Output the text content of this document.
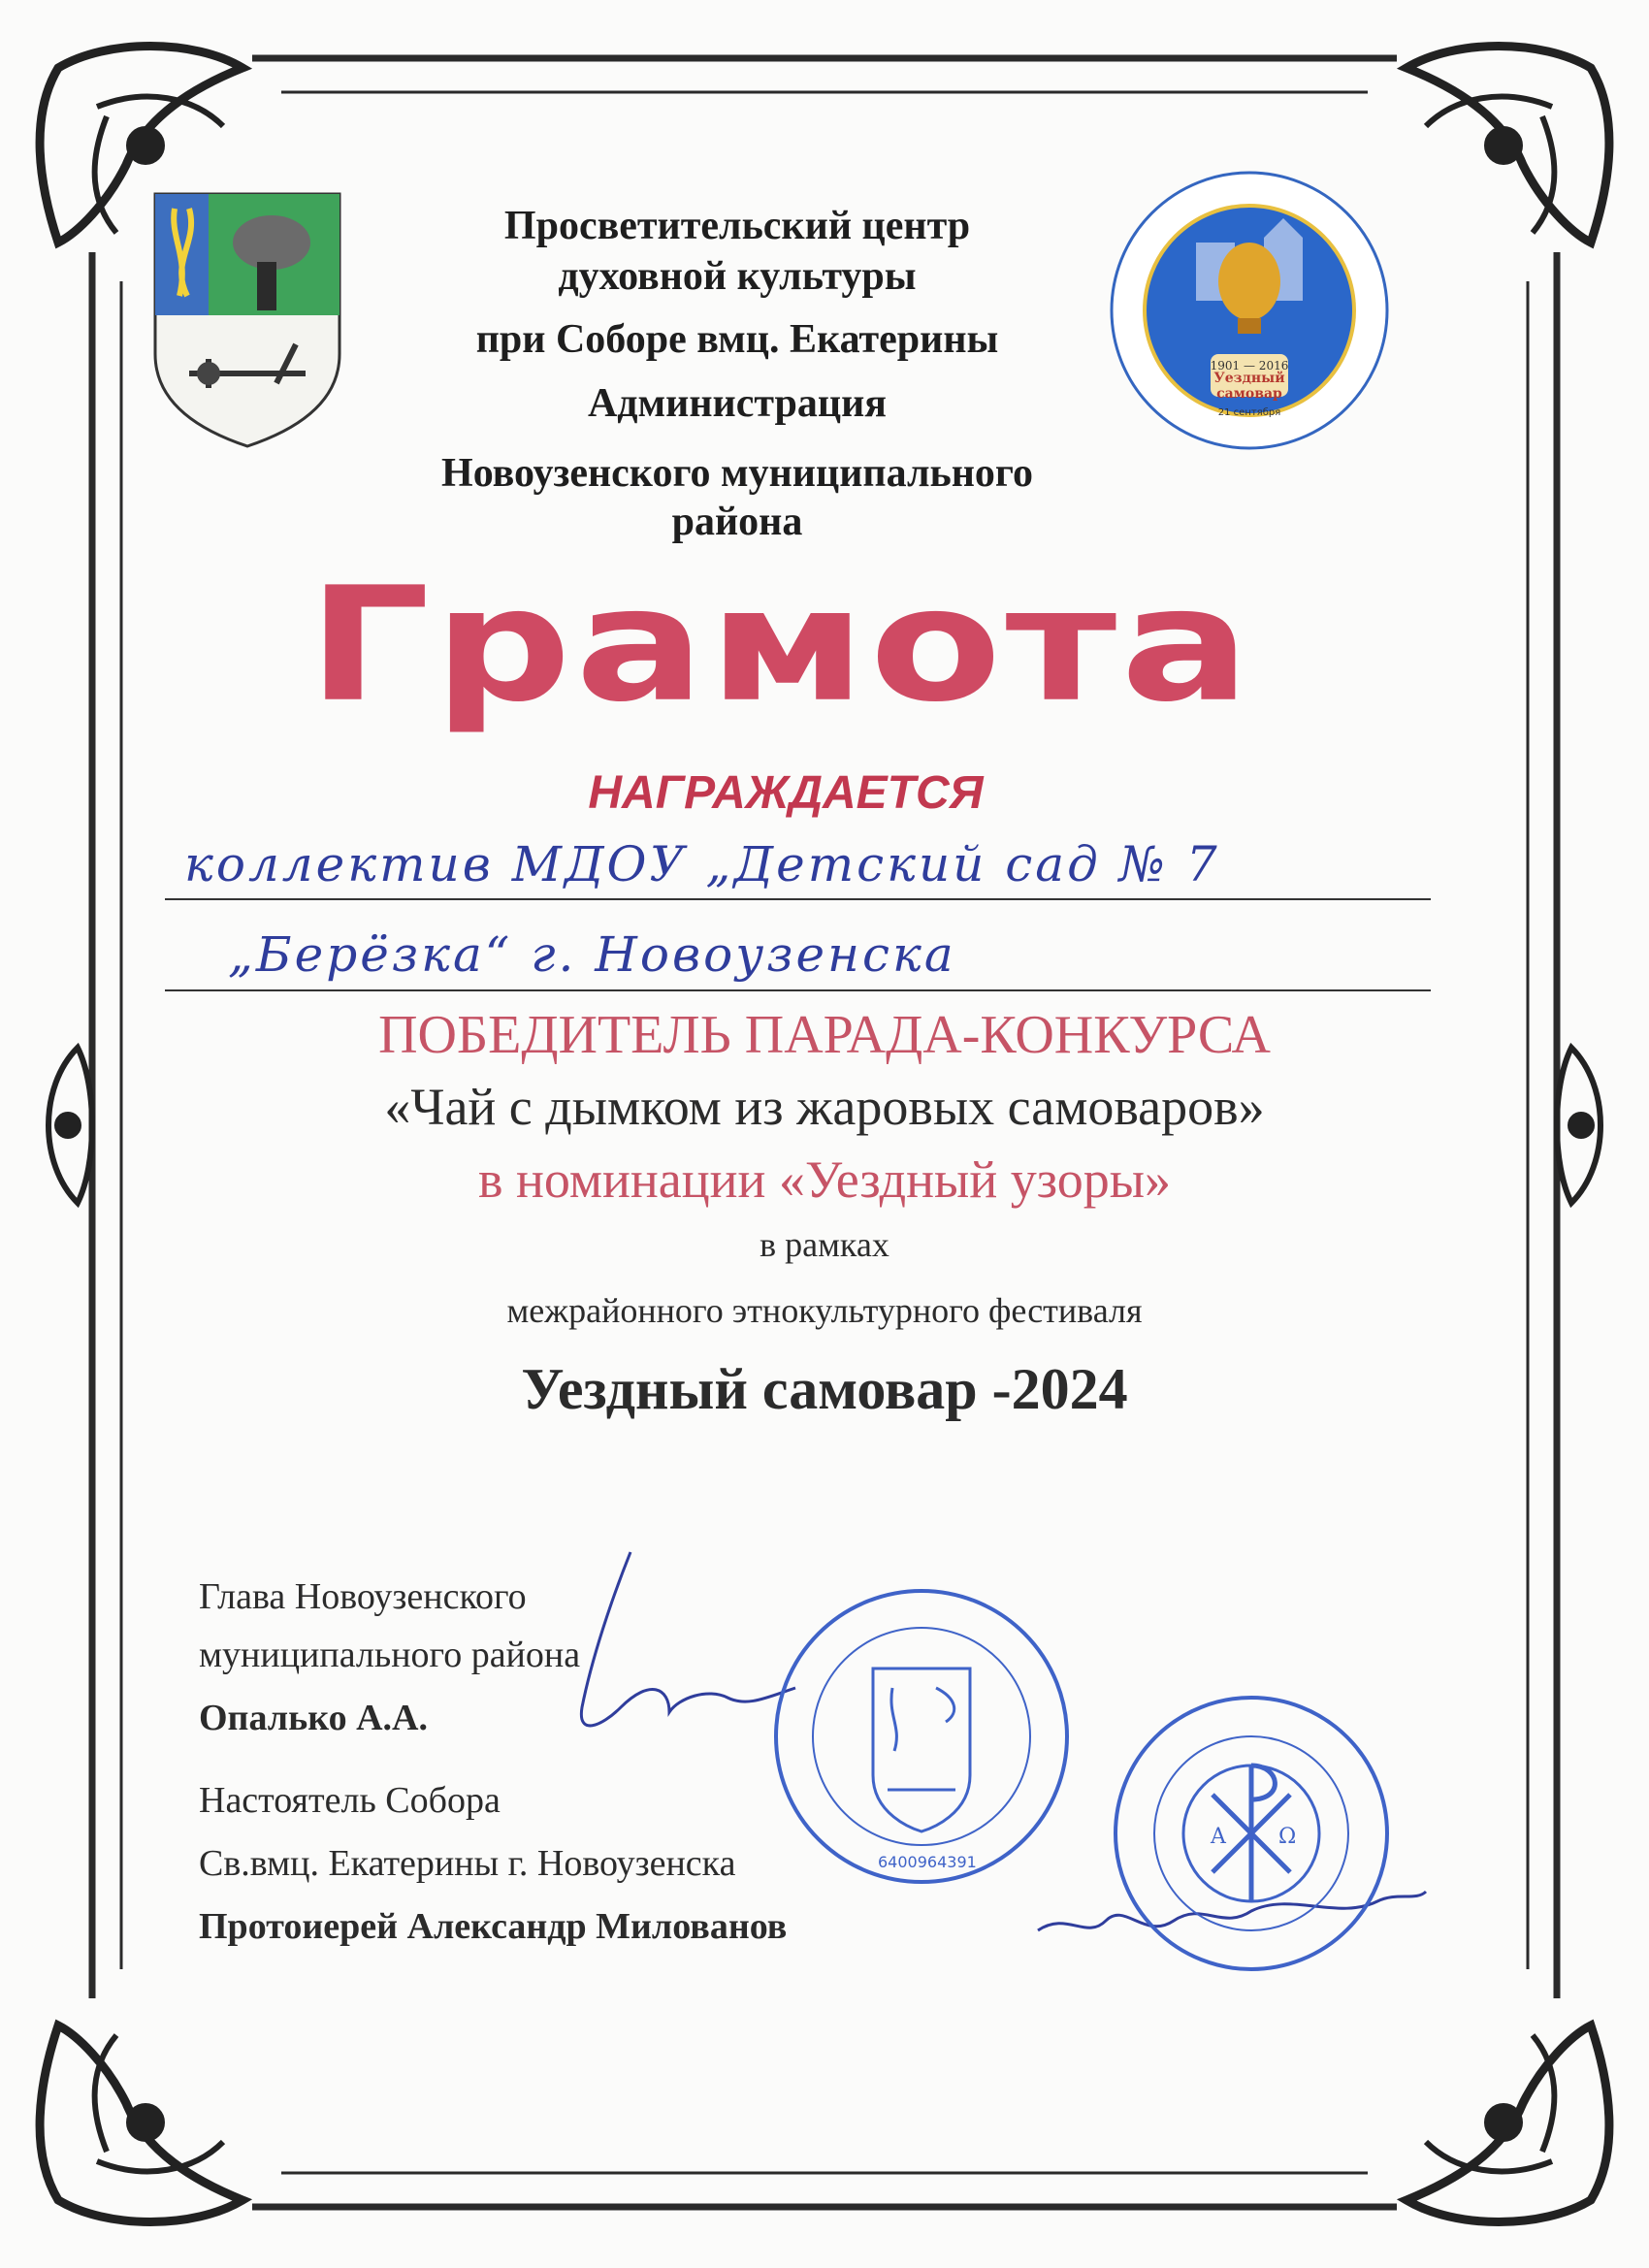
Просветительский центр
духовной культуры
при Соборе вмц. Екатерины
Администрация
Новоузенского муниципального
района
1901 — 2016
Уездный самовар
21 сентября
Грамота
НАГРАЖДАЕТСЯ
коллектив МДОУ „Детский сад № 7
„Берёзка“ г. Новоузенска
ПОБЕДИТЕЛЬ ПАРАДА-КОНКУРСА
«Чай с дымком из жаровых самоваров»
в номинации «Уездный узоры»
в рамках
межрайонного этнокультурного фестиваля
Уездный самовар -2024
Глава Новоузенского
муниципального района
Опалько А.А.
Настоятель Собора
Св.вмц. Екатерины г. Новоузенска
Протоиерей Александр Милованов
6400964391
A Ω
